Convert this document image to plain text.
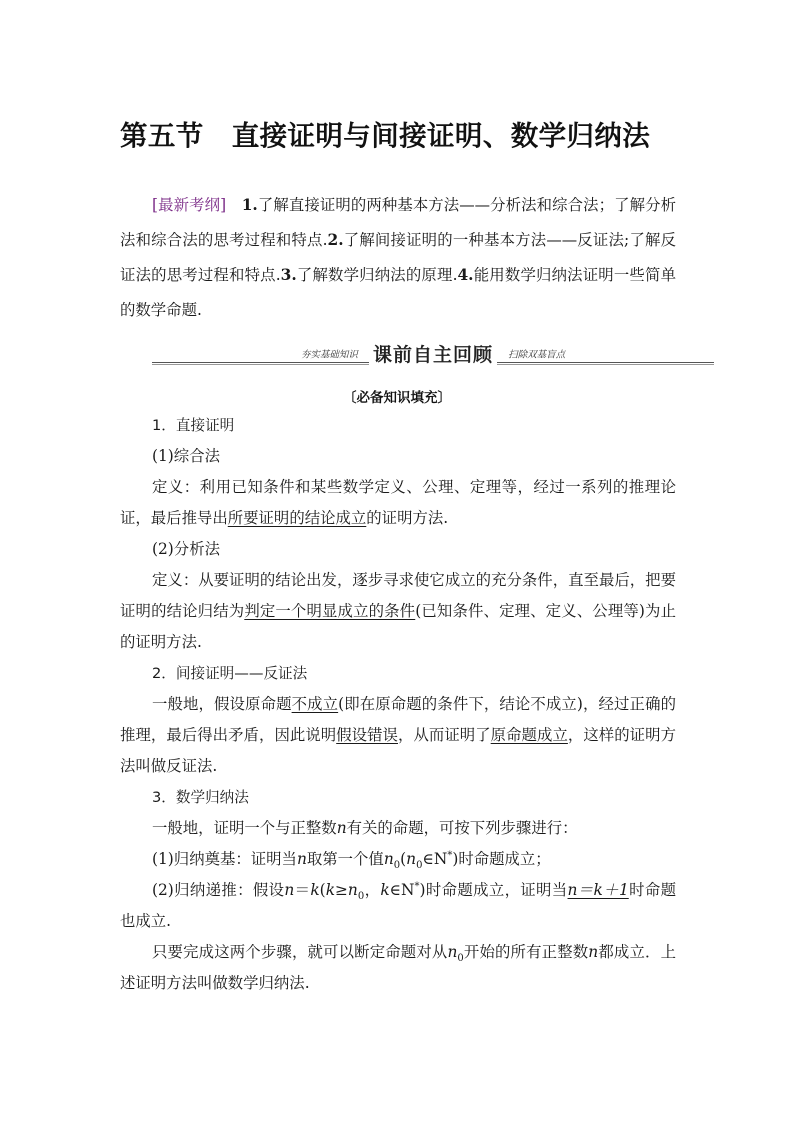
第五节 直接证明与间接证明、数学归纳法
[最新考纲]　 1.了解直接证明的两种基本方法——分析法和综合法；了解分析法和综合法的思考过程和特点.2.了解间接证明的一种基本方法——反证法;了解反证法的思考过程和特点.3.了解数学归纳法的原理.4.能用数学归纳法证明一些简单的数学命题.
夯实基础知识 课前自主回顾 扫除双基盲点
〔必备知识填充〕

1．直接证明

(1)综合法

定义：利用已知条件和某些数学定义、公理、定理等，经过一系列的推理论证，最后推导出所要证明的结论成立的证明方法.

(2)分析法

定义：从要证明的结论出发，逐步寻求使它成立的充分条件，直至最后，把要证明的结论归结为判定一个明显成立的条件(已知条件、定理、定义、公理等)为止的证明方法.

2．间接证明——反证法

一般地，假设原命题不成立(即在原命题的条件下，结论不成立)，经过正确的推理，最后得出矛盾，因此说明假设错误，从而证明了原命题成立，这样的证明方法叫做反证法.

3．数学归纳法

一般地，证明一个与正整数n有关的命题，可按下列步骤进行：

(1)归纳奠基：证明当n取第一个值$n_0(n_0\in N^*)$时命题成立；

(2)归纳递推：假设$n=k(k\ge n_0$，k∈N*)时命题成立，证明当n＝k＋1时命题也成立.

只要完成这两个步骤，就可以断定命题对从$n_0$开始的所有正整数n都成立．上述证明方法叫做数学归纳法.
